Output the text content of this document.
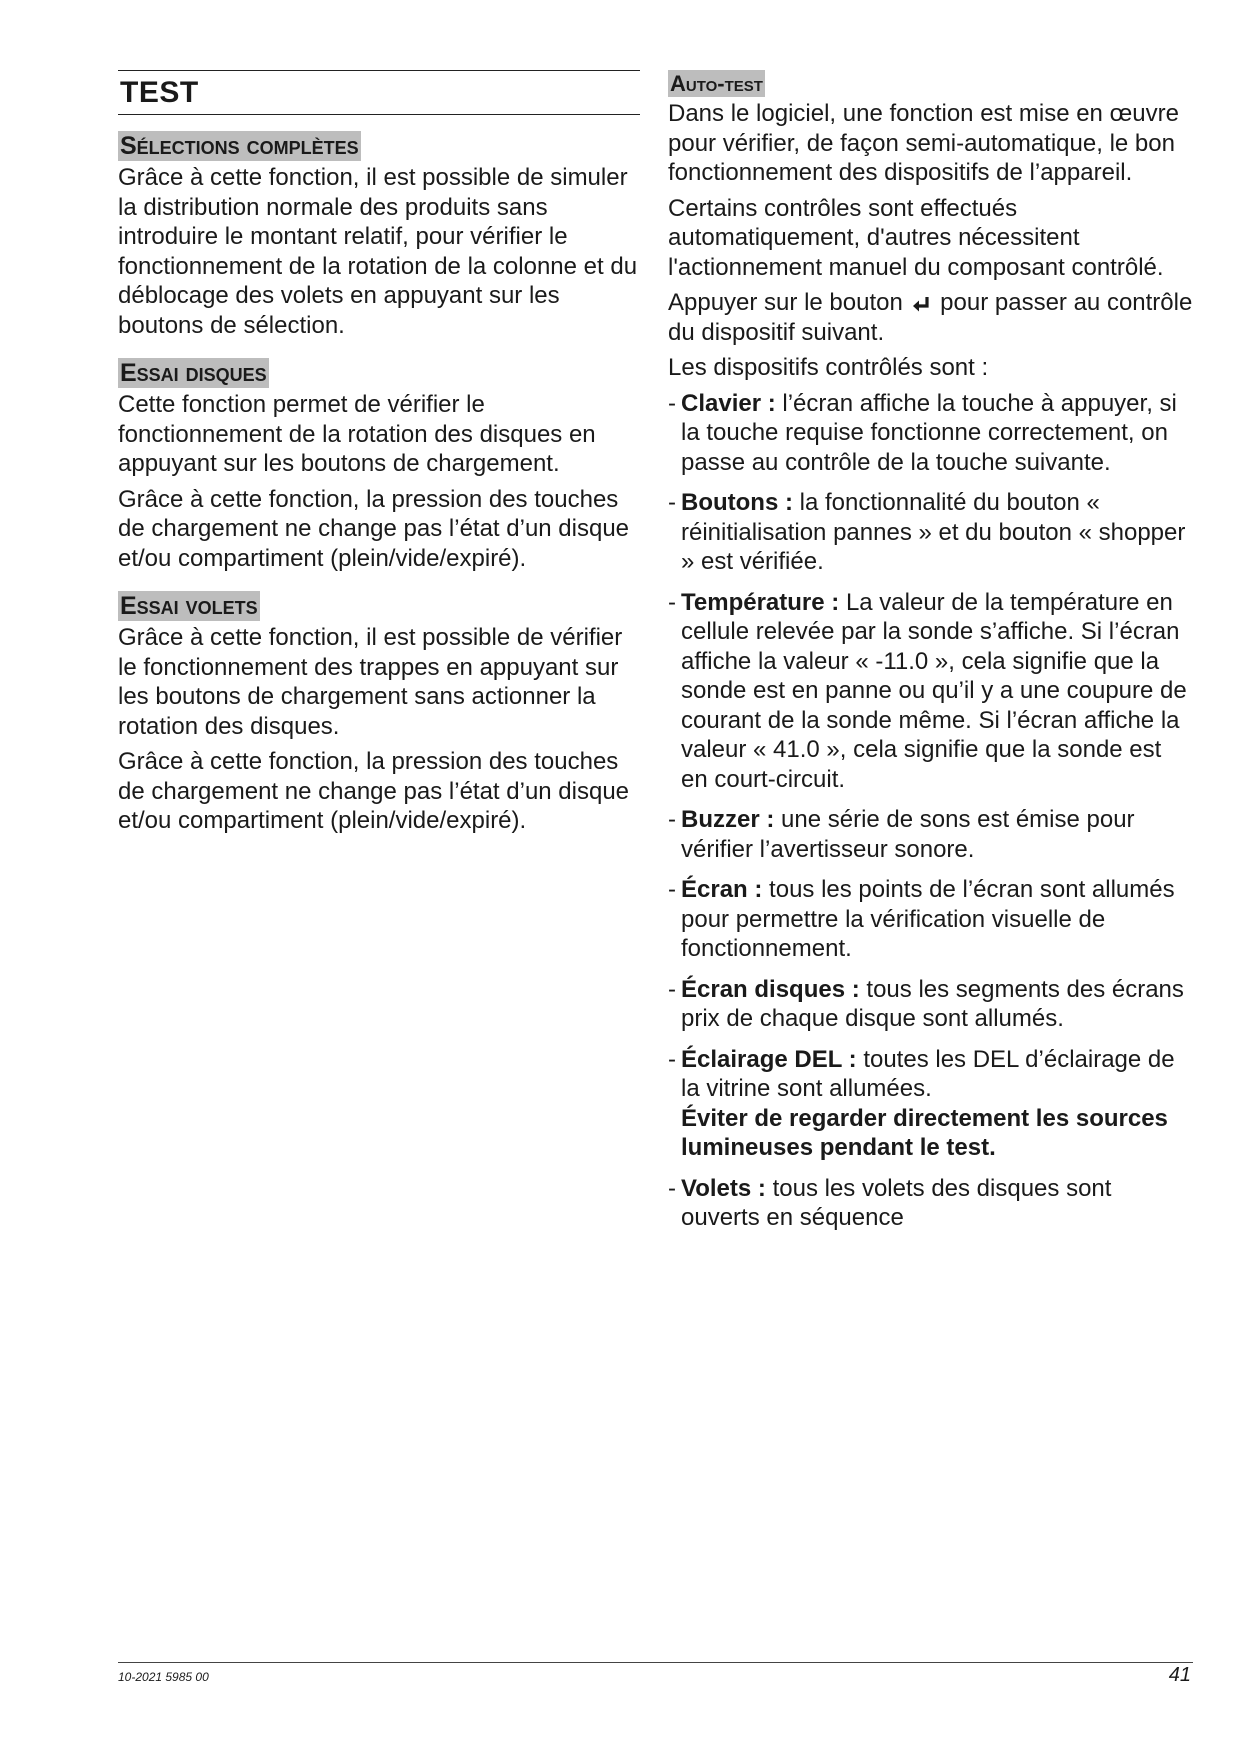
TEST
Sélections complètes

Grâce à cette fonction, il est possible de simuler la distribution normale des produits sans introduire le montant relatif, pour vérifier le fonctionnement de la rotation de la colonne et du déblocage des volets en appuyant sur les boutons de sélection.

Essai disques

Cette fonction permet de vérifier le fonctionnement de la rotation des disques en appuyant sur les boutons de chargement.

Grâce à cette fonction, la pression des touches de chargement ne change pas l’état d’un disque et/ou compartiment (plein/vide/expiré).

Essai volets

Grâce à cette fonction, il est possible de vérifier le fonctionnement des trappes en appuyant sur les boutons de chargement sans actionner la rotation des disques.

Grâce à cette fonction, la pression des touches de chargement ne change pas l’état d’un disque et/ou compartiment (plein/vide/expiré).

Auto-test

Dans le logiciel, une fonction est mise en œuvre pour vérifier, de façon semi-automatique, le bon fonctionnement des dispositifs de l’appareil.

Certains contrôles sont effectués automatiquement, d'autres nécessitent l'actionnement manuel du composant contrôlé.

Appuyer sur le bouton pour passer au contrôle du dispositif suivant.

Les dispositifs contrôlés sont :

- Clavier : l’écran affiche la touche à appuyer, si la touche requise fonctionne correctement, on passe au contrôle de la touche suivante.
- Boutons : la fonctionnalité du bouton « réinitialisation pannes » et du bouton « shopper » est vérifiée.
- Température : La valeur de la température en cellule relevée par la sonde s’affiche. Si l’écran affiche la valeur « -11.0 », cela signifie que la sonde est en panne ou qu’il y a une coupure de courant de la sonde même. Si l’écran affiche la valeur « 41.0 », cela signifie que la sonde est en court-circuit.
- Buzzer : une série de sons est émise pour vérifier l’avertisseur sonore.
- Écran : tous les points de l’écran sont allumés pour permettre la vérification visuelle de fonctionnement.
- Écran disques : tous les segments des écrans prix de chaque disque sont allumés.
- Éclairage DEL : toutes les DEL d’éclairage de la vitrine sont allumées.
Éviter de regarder directement les sources lumineuses pendant le test.
- Volets : tous les volets des disques sont ouverts en séquence
10-2021 5985 00	41
